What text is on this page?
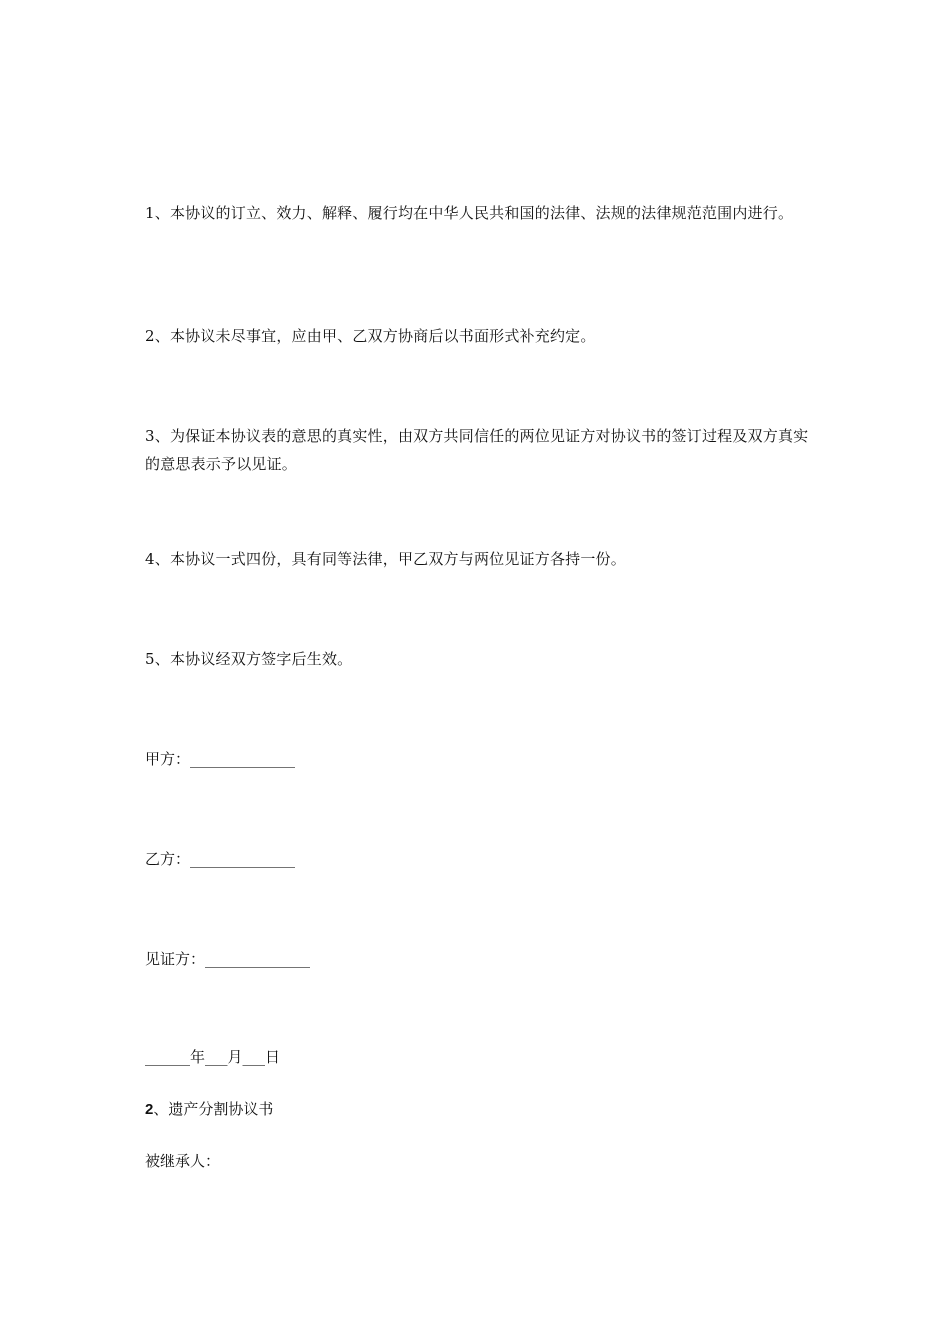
1、本协议的订立、效力、解释、履行均在中华人民共和国的法律、法规的法律规范范围内进行。

2、本协议未尽事宜，应由甲、乙双方协商后以书面形式补充约定。

3、为保证本协议表的意思的真实性，由双方共同信任的两位见证方对协议书的签订过程及双方真实的意思表示予以见证。

4、本协议一式四份，具有同等法律，甲乙双方与两位见证方各持一份。

5、本协议经双方签字后生效。

甲方：______________

乙方：______________

见证方：______________

______年___月___日

2、遗产分割协议书

被继承人：
